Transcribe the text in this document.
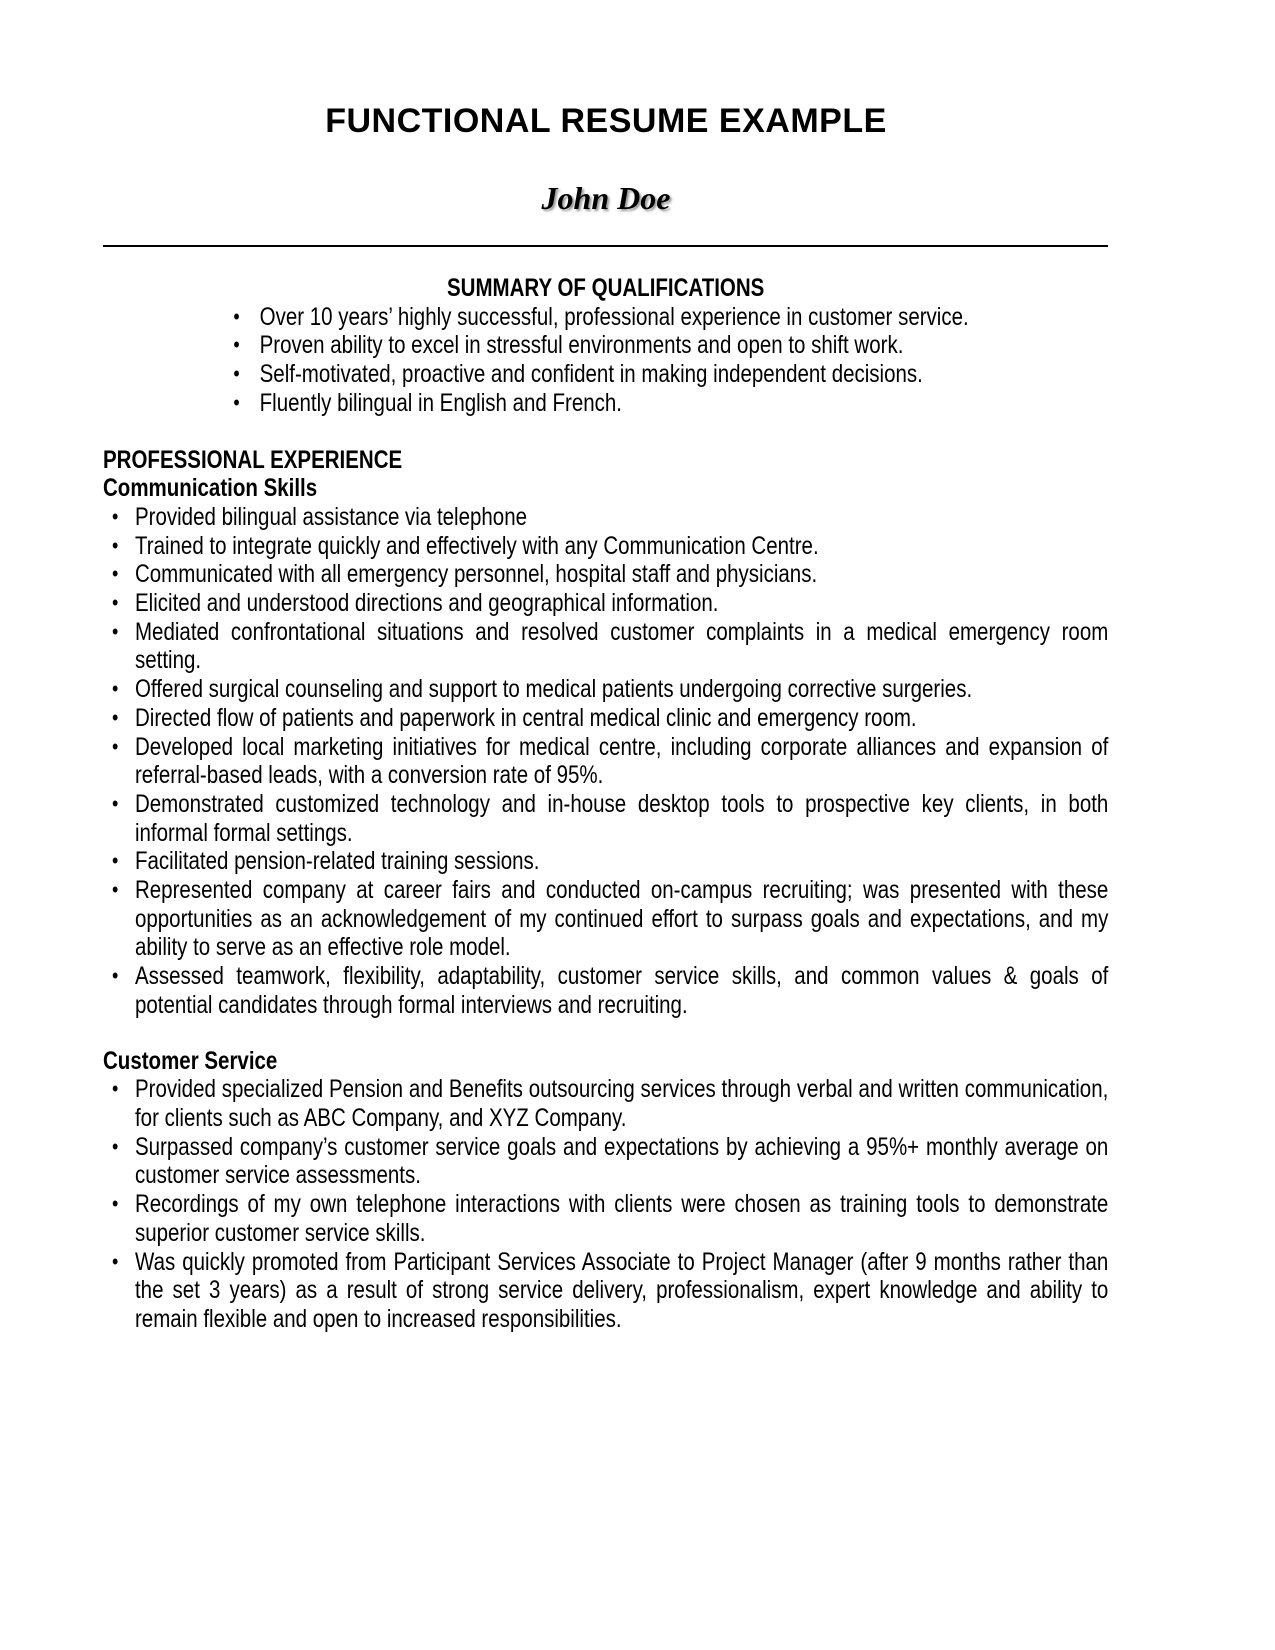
FUNCTIONAL RESUME EXAMPLE
John Doe

SUMMARY OF QUALIFICATIONS

• Over 10 years’ highly successful, professional experience in customer service.
• Proven ability to excel in stressful environments and open to shift work.
• Self-motivated, proactive and confident in making independent decisions.
• Fluently bilingual in English and French.

PROFESSIONAL EXPERIENCE

Communication Skills

• Provided bilingual assistance via telephone
• Trained to integrate quickly and effectively with any Communication Centre.
• Communicated with all emergency personnel, hospital staff and physicians.
• Elicited and understood directions and geographical information.
• Mediated confrontational situations and resolved customer complaints in a medical emergency room setting.
• Offered surgical counseling and support to medical patients undergoing corrective surgeries.
• Directed flow of patients and paperwork in central medical clinic and emergency room.
• Developed local marketing initiatives for medical centre, including corporate alliances and expansion of referral-based leads, with a conversion rate of 95%.
• Demonstrated customized technology and in-house desktop tools to prospective key clients, in both informal formal settings.
• Facilitated pension-related training sessions.
• Represented company at career fairs and conducted on-campus recruiting; was presented with these opportunities as an acknowledgement of my continued effort to surpass goals and expectations, and my ability to serve as an effective role model.
• Assessed teamwork, flexibility, adaptability, customer service skills, and common values & goals of potential candidates through formal interviews and recruiting.

Customer Service

• Provided specialized Pension and Benefits outsourcing services through verbal and written communication, for clients such as ABC Company, and XYZ Company.
• Surpassed company’s customer service goals and expectations by achieving a 95%+ monthly average on customer service assessments.
• Recordings of my own telephone interactions with clients were chosen as training tools to demonstrate superior customer service skills.
• Was quickly promoted from Participant Services Associate to Project Manager (after 9 months rather than the set 3 years) as a result of strong service delivery, professionalism, expert knowledge and ability to remain flexible and open to increased responsibilities.
